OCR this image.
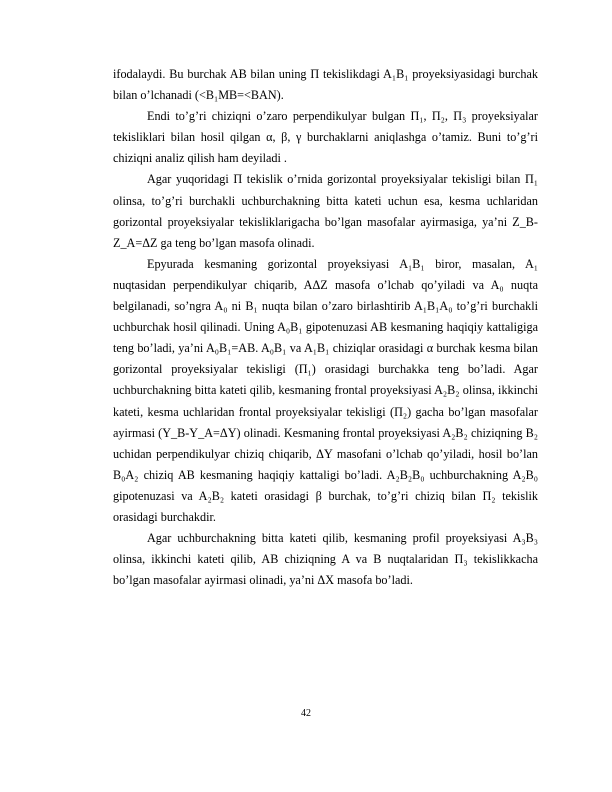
ifodalaydi. Bu burchak AB bilan uning Π tekislikdagi A₁B₁ proyeksiyasidagi burchak bilan o’lchanadi (<B₁MB=<BAN).

Endi to’g’ri chiziqni o’zaro perpendikulyar bulgan Π₁, Π₂, Π₃ proyeksiyalar tekisliklari bilan hosil qilgan α, β, γ burchaklarni aniqlashga o’tamiz. Buni to’g’ri chiziqni analiz qilish ham deyiladi .

Agar yuqoridagi Π tekislik o’rnida gorizontal proyeksiyalar tekisligi bilan Π₁ olinsa, to’g’ri burchakli uchburchakning bitta kateti uchun esa, kesma uchlaridan gorizontal proyeksiyalar tekisliklarigacha bo’lgan masofalar ayirmasiga, ya’ni Z_B-Z_A=ΔZ ga teng bo’lgan masofa olinadi.

Epyurada kesmaning gorizontal proyeksiyasi A₁B₁ biror, masalan, A₁ nuqtasidan perpendikulyar chiqarib, AΔZ masofa o’lchab qo’yiladi va A₀ nuqta belgilanadi, so’ngra A₀ ni B₁ nuqta bilan o’zaro birlashtirib A₁B₁A₀ to’g’ri burchakli uchburchak hosil qilinadi. Uning A₀B₁ gipotenuzasi AB kesmaning haqiqiy kattaligiga teng bo’ladi, ya’ni A₀B₁=AB. A₀B₁ va A₁B₁ chiziqlar orasidagi α burchak kesma bilan gorizontal proyeksiyalar tekisligi (Π₁) orasidagi burchakka teng bo’ladi. Agar uchburchakning bitta kateti qilib, kesmaning frontal proyeksiyasi A₂B₂ olinsa, ikkinchi kateti, kesma uchlaridan frontal proyeksiyalar tekisligi (Π₂) gacha bo’lgan masofalar ayirmasi (Y_B-Y_A=ΔY) olinadi. Kesmaning frontal proyeksiyasi A₂B₂ chiziqning B₂ uchidan perpendikulyar chiziq chiqarib, ΔY masofani o’lchab qo’yiladi, hosil bo’lan B₀A₂ chiziq AB kesmaning haqiqiy kattaligi bo’ladi. A₂B₂B₀ uchburchakning A₂B₀ gipotenuzasi va A₂B₂ kateti orasidagi β burchak, to’g’ri chiziq bilan Π₂ tekislik orasidagi burchakdir.

Agar uchburchakning bitta kateti qilib, kesmaning profil proyeksiyasi A₃B₃ olinsa, ikkinchi kateti qilib, AB chiziqning A va B nuqtalaridan Π₃ tekislikkacha bo’lgan masofalar ayirmasi olinadi, ya’ni ΔX masofa bo’ladi.

42
